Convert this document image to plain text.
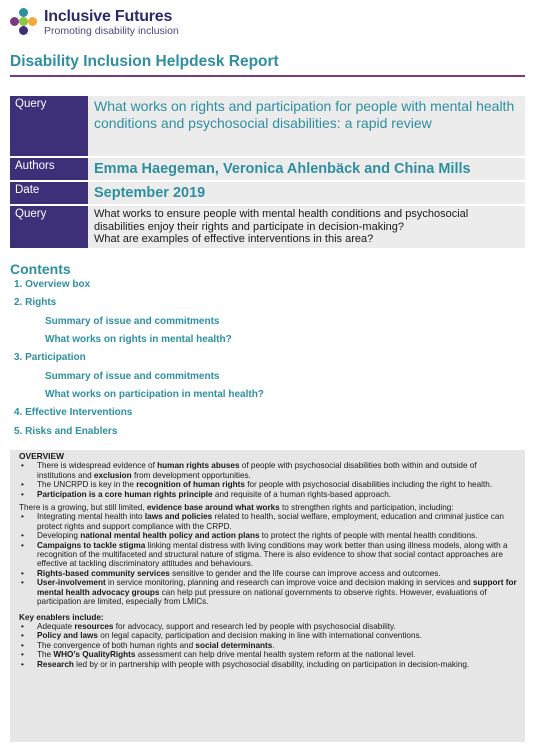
Inclusive Futures
Promoting disability inclusion
Disability Inclusion Helpdesk Report
Query	What works on rights and participation for people with mental health conditions and psychosocial disabilities: a rapid review

Authors	Emma Haegeman, Veronica Ahlenbäck and China Mills

Date	September 2019

Query	What works to ensure people with mental health conditions and psychosocial disabilities enjoy their rights and participate in decision-making?
What are examples of effective interventions in this area?
Contents
1. Overview box
2. Rights
Summary of issue and commitments
What works on rights in mental health?
3. Participation
Summary of issue and commitments
What works on participation in mental health?
4. Effective Interventions
5. Risks and Enablers
OVERVIEW
• There is widespread evidence of human rights abuses of people with psychosocial disabilities both within and outside of institutions and exclusion from development opportunities.
• The UNCRPD is key in the recognition of human rights for people with psychosocial disabilities including the right to health.
• Participation is a core human rights principle and requisite of a human rights-based approach.
There is a growing, but still limited, evidence base around what works to strengthen rights and participation, including:
• Integrating mental health into laws and policies related to health, social welfare, employment, education and criminal justice can protect rights and support compliance with the CRPD.
• Developing national mental health policy and action plans to protect the rights of people with mental health conditions.
• Campaigns to tackle stigma linking mental distress with living conditions may work better than using illness models, along with a recognition of the multifaceted and structural nature of stigma. There is also evidence to show that social contact approaches are effective at tackling discriminatory attitudes and behaviours.
• Rights-based community services sensitive to gender and the life course can improve access and outcomes.
• User-involvement in service monitoring, planning and research can improve voice and decision making in services and support for mental health advocacy groups can help put pressure on national governments to observe rights. However, evaluations of participation are limited, especially from LMICs.
Key enablers include:
• Adequate resources for advocacy, support and research led by people with psychosocial disability.
• Policy and laws on legal capacity, participation and decision making in line with international conventions.
• The convergence of both human rights and social determinants.
• The WHO’s QualityRights assessment can help drive mental health system reform at the national level.
• Research led by or in partnership with people with psychosocial disability, including on participation in decision-making.
